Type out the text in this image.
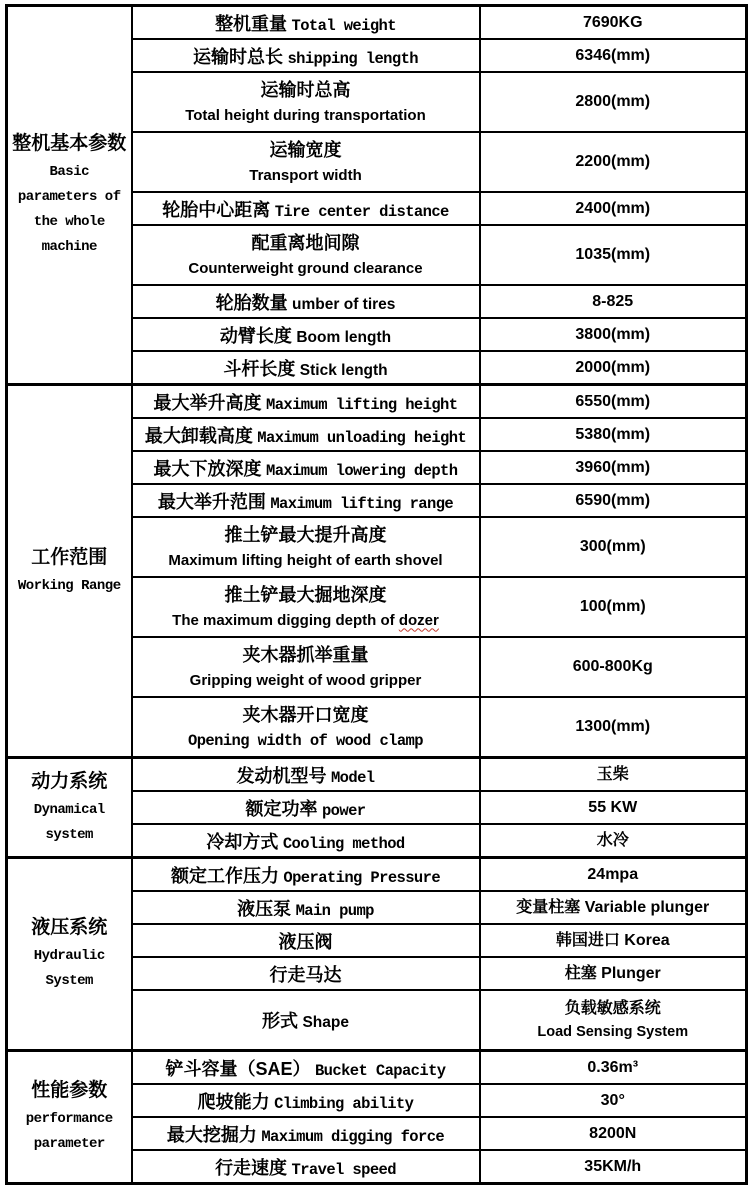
整机基本参数
Basic parameters of the whole machine	整机重量 Total weight	7690KG

	运输时总长 shipping length	6346(mm)

	运输时总高
Total height during transportation	2800(mm)

	运输宽度
Transport width	2200(mm)

	轮胎中心距离 Tire center distance	2400(mm)

	配重离地间隙
Counterweight ground clearance	1035(mm)

	轮胎数量 umber of tires	8-825

	动臂长度 Boom length	3800(mm)

	斗杆长度 Stick length	2000(mm)

工作范围
Working Range	最大举升高度 Maximum lifting height	6550(mm)

	最大卸载高度 Maximum unloading height	5380(mm)

	最大下放深度 Maximum lowering depth	3960(mm)

	最大举升范围 Maximum lifting range	6590(mm)

	推土铲最大提升高度
Maximum lifting height of earth shovel	300(mm)

	推土铲最大掘地深度
The maximum digging depth of dozer	100(mm)

	夹木器抓举重量
Gripping weight of wood gripper	600-800Kg

	夹木器开口宽度
Opening width of wood clamp	1300(mm)

动力系统
Dynamical system	发动机型号 Model	玉柴

	额定功率 power	55 KW

	冷却方式 Cooling method	水冷

液压系统
Hydraulic System	额定工作压力 Operating Pressure	24mpa

	液压泵 Main pump	变量柱塞 Variable plunger

	液压阀	韩国进口 Korea

	行走马达	柱塞 Plunger

	形式 Shape	负载敏感系统
Load Sensing System

性能参数
performance parameter	铲斗容量（SAE） Bucket Capacity	0.36m³

	爬坡能力 Climbing ability	30°

	最大挖掘力 Maximum digging force	8200N

	行走速度 Travel speed	35KM/h
